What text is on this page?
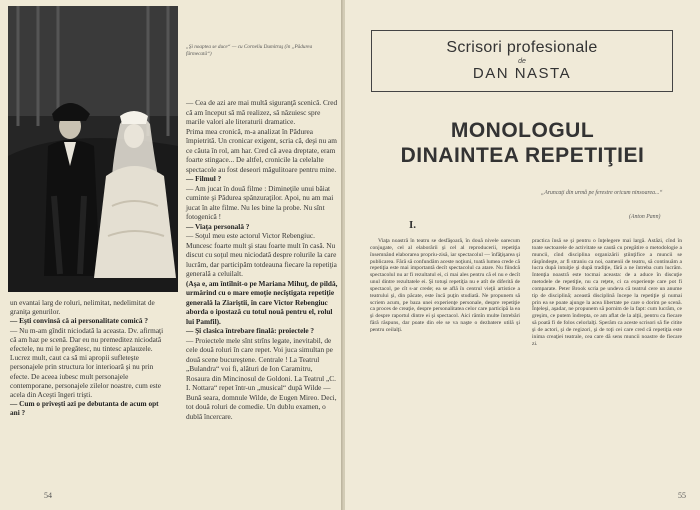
„Şi noaptea se duce“ — cu Corneliu Dumitraş (în „Pădurea fărmecată“)

— Cea de azi are mai multă siguranţă scenică. Cred că am început să mă realizez, să năzuiesc spre marile valori ale literaturii dramatice.

Prima mea cronică, m-a analizat în Pădurea împietrită. Un cronicar exigent, scria că, deşi nu am ce căuta în rol, am har. Cred că avea dreptate, eram foarte stingace... De altfel, cronicile la celelalte spectacole au fost deseori măgulitoare pentru mine.

— Filmul ?

— Am jucat în două filme : Dimineţile unui băiat cuminte şi Pădurea spânzuraţilor. Apoi, nu am mai jucat în alte filme. Nu les bine la probe. Nu sînt fotogenică !

— Viaţa personală ?

— Soţul meu este actorul Victor Rebengiuc. Muncesc foarte mult şi stau foarte mult în casă. Nu discut cu soţul meu niciodată despre rolurile la care lucrăm, dar participăm totdeauna fiecare la repetiţia generală a celuilalt.

(Aşa e, am întîlnit-o pe Mariana Mihuţ, de pildă, urmărind cu o mare emoţie necîştigata repetiţie generală la Ziariştii, în care Victor Rebengiuc aborda o ipostază cu totul nouă pentru el, rolul lui Pamfil).

— Şi clasica întrebare finală: proiectele ?

— Proiectele mele sînt strîns legate, inevitabil, de cele două roluri în care repet. Voi juca simultan pe două scene bucureştene. Centrale ! La Teatrul „Bulandra“ voi fi, alături de Ion Caramitru, Rosaura din Mincinosul de Goldoni. La Teatrul „C. I. Nottara“ repet într-un „musical“ după Wilde — Bună seara, domnule Wilde, de Eugen Mireo. Deci, tot două roluri de comedie. Un dublu examen, o dublă încercare.

un evantai larg de roluri, nelimitat, nedelimitat de graniţa genurilor.

— Eşti convinsă că ai personalitate comică ?

— Nu m-am gîndit niciodată la aceasta. Dv. afirmaţi că am haz pe scenă. Dar eu nu premeditez niciodată efectele, nu mi le pregătesc, nu tintesc aplauzele. Lucrez mult, caut ca să mi apropii sufleteşte personajele prin structura lor interioară şi nu prin efecte. De aceea iubesc mult personajele contemporane, personajele zilelor noastre, cum este acela din Aceşti îngeri trişti.

— Cum o priveşti azi pe debutanta de acum opt ani ?

54
Scrisori profesionale
de
DAN NASTA
MONOLOGUL
DINAINTEA REPETIŢIEI
„Aruncaţi din urmă pe ferestre oricum ninsoarea...“
(Anton Pann)
I.

Viaţa noastră în teatru se desfăşoară, în două nivele oarecum conjugate, cel al elaborării şi cel al reproducerii, repetiţia însemnând elaborarea propriu-zisă, iar spectacolul — înfăţişarea şi publicarea. Fără să confundăm aceste noţiuni, toată lumea crede că repetiţia este mai importantă decît spectacolul ca atare. Nu fiindcă spectacolul nu ar fi rezultatul ei, ci mai ales pentru că el nu e decît unul dintre rezultatele ei. Şi totuşi repetiţia nu e atît de diferită de spectacol, pe cît s-ar crede; ea se află în centrul vieţii artistice a teatrului şi, din păcate, este încă puţin studiată. Ne propunem să scriem acum, pe baza unei experienţe personale, despre repetiţie ca proces de creaţie, despre personalitatea celor care participă la ea şi despre raportul dintre ei şi spectacol. Aici rămîn multe întrebări fără răspuns, dar poate din ele se va naşte o dezbatere utilă şi pentru ceilalţi.

practica însă se şi pentru o înţelegere mai largă. Astăzi, cînd în toate sectoarele de activitate se caută cu pregătire o metodologie a muncii, cînd disciplina organizării ştiinţifice a muncii se răspîndeşte, ar fi straniu ca noi, oamenii de teatru, să continuăm a lucra după intuiţie şi după tradiţie, fără a ne întreba cum lucrăm. Intenţia noastră este tocmai aceasta: de a aduce în discuţie metodele de repetiţie, nu ca reţete, ci ca experienţe care pot fi comparate. Peter Brook scria pe undeva că teatrul cere un anume tip de disciplină; această disciplină începe la repetiţie şi numai prin ea se poate ajunge la acea libertate pe care o dorim pe scenă. Înţeleşi, aşadar, ne propunem să pornim de la fapt: cum lucrăm, ce greşim, ce putem îndrepta, ce am aflat de la alţii, pentru ca fiecare să poată fi de folos celorlalţi. Sperăm ca aceste scrisori să fie citite şi de actori, şi de regizori, şi de toţi cei care cred că repetiţia este inima creaţiei teatrale, cea care dă sens muncii noastre de fiecare zi.

55
